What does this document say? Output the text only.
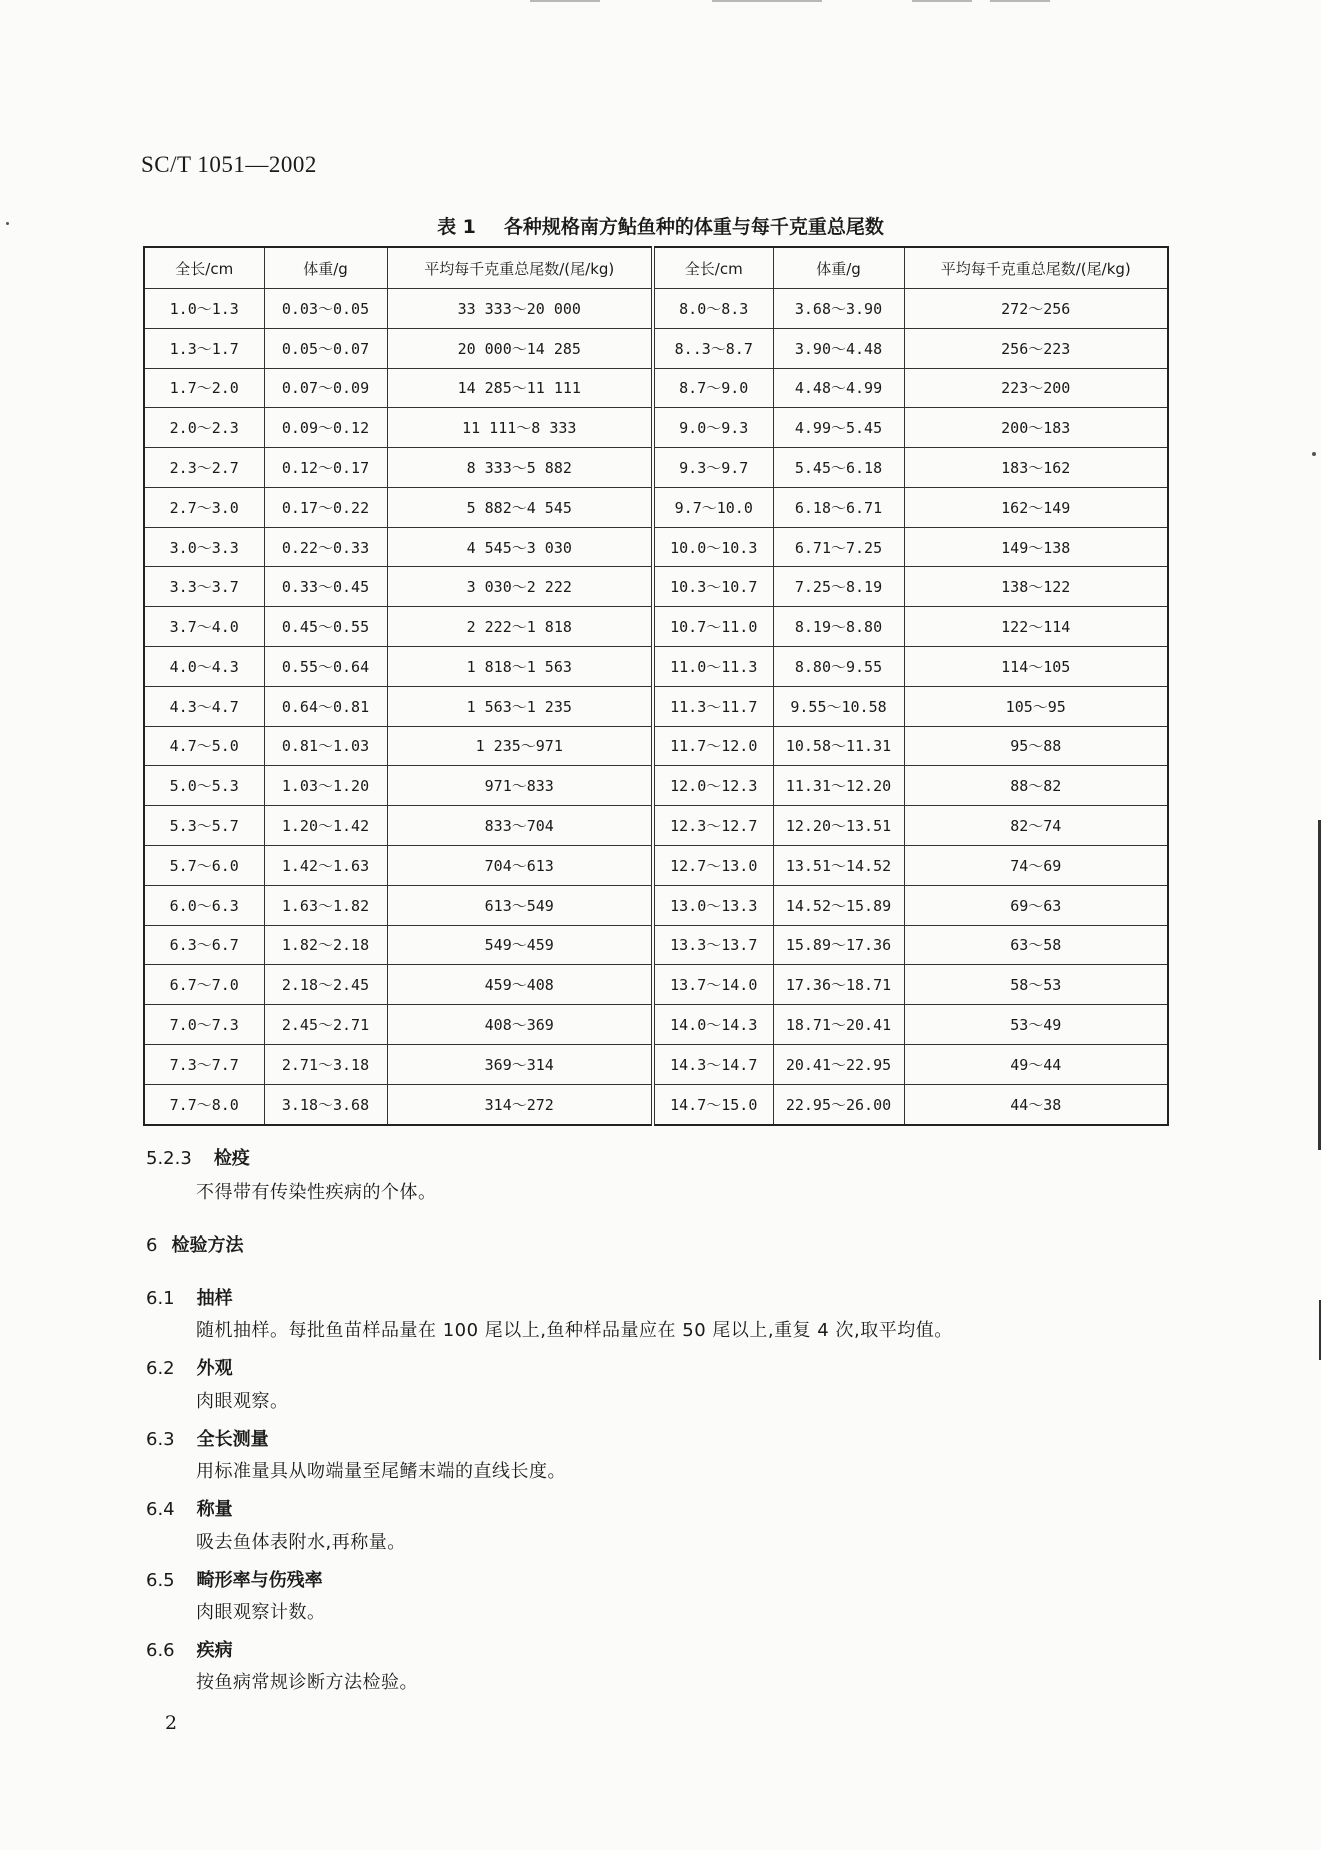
SC/T 1051—2002
表 1 各种规格南方鲇鱼种的体重与每千克重总尾数
全长/cm	体重/g	平均每千克重总尾数/(尾/kg)	全长/cm	体重/g	平均每千克重总尾数/(尾/kg)
1.0～1.3	0.03～0.05	33 333～20 000	8.0～8.3	3.68～3.90	272～256
1.3～1.7	0.05～0.07	20 000～14 285	8..3～8.7	3.90～4.48	256～223
1.7～2.0	0.07～0.09	14 285～11 111	8.7～9.0	4.48～4.99	223～200
2.0～2.3	0.09～0.12	11 111～8 333	9.0～9.3	4.99～5.45	200～183
2.3～2.7	0.12～0.17	8 333～5 882	9.3～9.7	5.45～6.18	183～162
2.7～3.0	0.17～0.22	5 882～4 545	9.7～10.0	6.18～6.71	162～149
3.0～3.3	0.22～0.33	4 545～3 030	10.0～10.3	6.71～7.25	149～138
3.3～3.7	0.33～0.45	3 030～2 222	10.3～10.7	7.25～8.19	138～122
3.7～4.0	0.45～0.55	2 222～1 818	10.7～11.0	8.19～8.80	122～114
4.0～4.3	0.55～0.64	1 818～1 563	11.0～11.3	8.80～9.55	114～105
4.3～4.7	0.64～0.81	1 563～1 235	11.3～11.7	9.55～10.58	105～95
4.7～5.0	0.81～1.03	1 235～971	11.7～12.0	10.58～11.31	95～88
5.0～5.3	1.03～1.20	971～833	12.0～12.3	11.31～12.20	88～82
5.3～5.7	1.20～1.42	833～704	12.3～12.7	12.20～13.51	82～74
5.7～6.0	1.42～1.63	704～613	12.7～13.0	13.51～14.52	74～69
6.0～6.3	1.63～1.82	613～549	13.0～13.3	14.52～15.89	69～63
6.3～6.7	1.82～2.18	549～459	13.3～13.7	15.89～17.36	63～58
6.7～7.0	2.18～2.45	459～408	13.7～14.0	17.36～18.71	58～53
7.0～7.3	2.45～2.71	408～369	14.0～14.3	18.71～20.41	53～49
7.3～7.7	2.71～3.18	369～314	14.3～14.7	20.41～22.95	49～44
7.7～8.0	3.18～3.68	314～272	14.7～15.0	22.95～26.00	44～38
5.2.3 检疫
不得带有传染性疾病的个体。
6 检验方法
6.1 抽样
随机抽样。每批鱼苗样品量在 100 尾以上,鱼种样品量应在 50 尾以上,重复 4 次,取平均值。
6.2 外观
肉眼观察。
6.3 全长测量
用标准量具从吻端量至尾鳍末端的直线长度。
6.4 称量
吸去鱼体表附水,再称量。
6.5 畸形率与伤残率
肉眼观察计数。
6.6 疾病
按鱼病常规诊断方法检验。
2
